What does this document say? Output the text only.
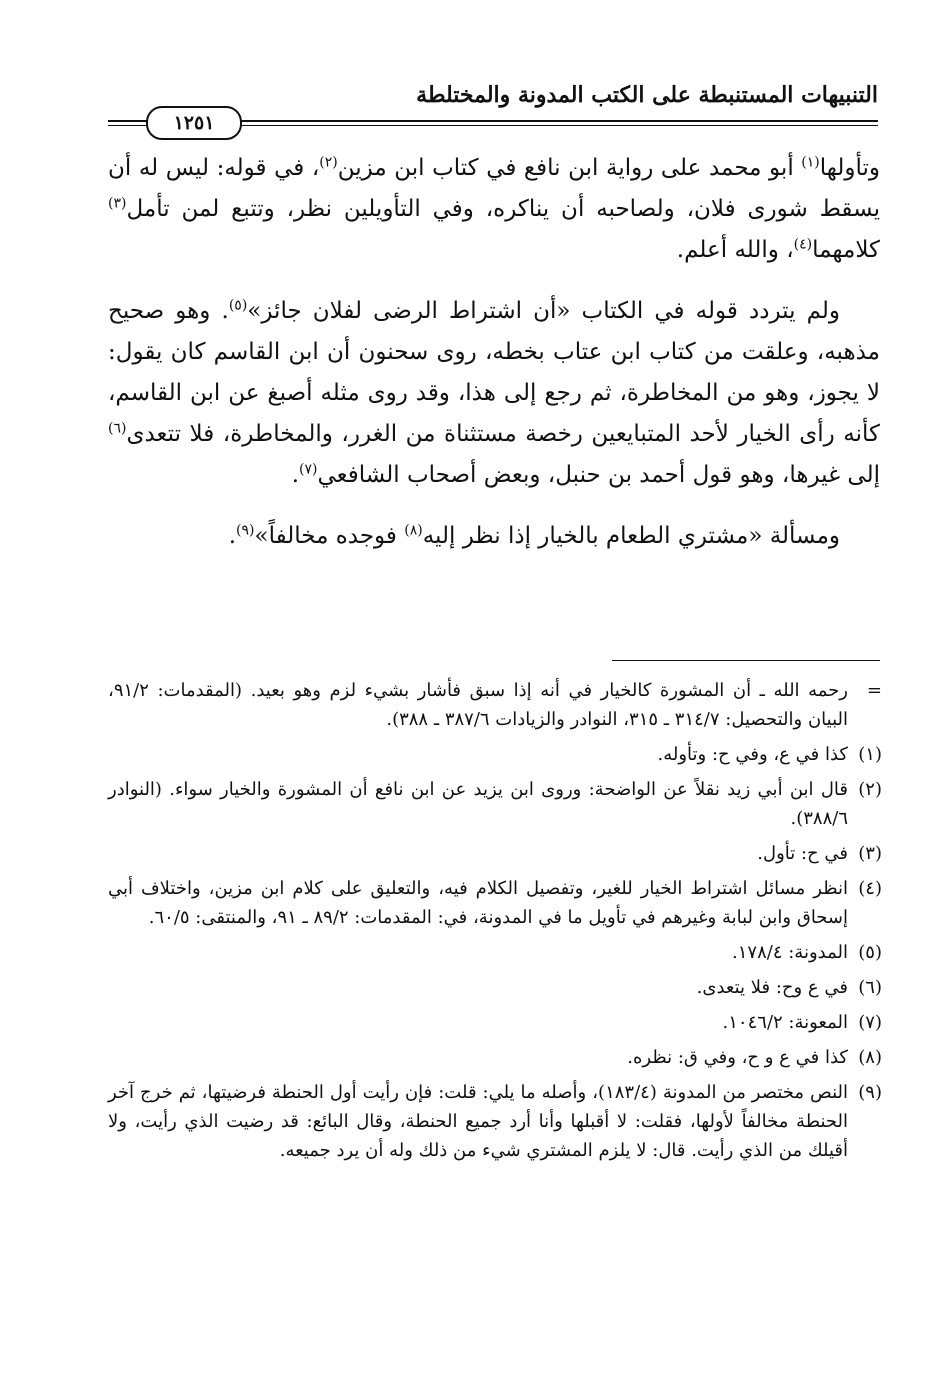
التنبيهات المستنبطة على الكتب المدونة والمختلطة
١٢٥١

وتأولها$^{(١)}$ أبو محمد على رواية ابن نافع في كتاب ابن مزين$^{(٢)}$، في قوله: ليس له أن يسقط شورى فلان، ولصاحبه أن يناكره، وفي التأويلين نظر، وتتبع لمن تأمل$^{(٣)}$ كلامهما$^{(٤)}$، والله أعلم.

ولم يتردد قوله في الكتاب «أن اشتراط الرضى لفلان جائز»$^{(٥)}$. وهو صحيح مذهبه، وعلقت من كتاب ابن عتاب بخطه، روى سحنون أن ابن القاسم كان يقول: لا يجوز، وهو من المخاطرة، ثم رجع إلى هذا، وقد روى مثله أصبغ عن ابن القاسم، كأنه رأى الخيار لأحد المتبايعين رخصة مستثناة من الغرر، والمخاطرة، فلا تتعدى$^{(٦)}$ إلى غيرها، وهو قول أحمد بن حنبل، وبعض أصحاب الشافعي$^{(٧)}$.

ومسألة «مشتري الطعام بالخيار إذا نظر إليه$^{(٨)}$ فوجده مخالفاً»$^{(٩)}$.

=
رحمه الله ـ أن المشورة كالخيار في أنه إذا سبق فأشار بشيء لزم وهو بعيد. (المقدمات: ٩١/٢، البيان والتحصيل: ٣١٤/٧ ـ ٣١٥، النوادر والزيادات ٣٨٧/٦ ـ ٣٨٨).
(١)
كذا في ع، وفي ح: وتأوله.
(٢)
قال ابن أبي زيد نقلاً عن الواضحة: وروى ابن يزيد عن ابن نافع أن المشورة والخيار سواء. (النوادر ٣٨٨/٦).
(٣)
في ح: تأول.
(٤)
انظر مسائل اشتراط الخيار للغير، وتفصيل الكلام فيه، والتعليق على كلام ابن مزين، واختلاف أبي إسحاق وابن لبابة وغيرهم في تأويل ما في المدونة، في: المقدمات: ٨٩/٢ ـ ٩١، والمنتقى: ٦٠/٥.
(٥)
المدونة: ١٧٨/٤.
(٦)
في ع وح: فلا يتعدى.
(٧)
المعونة: ١٠٤٦/٢.
(٨)
كذا في ع و ح، وفي ق: نظره.
(٩)
النص مختصر من المدونة (١٨٣/٤)، وأصله ما يلي: قلت: فإن رأيت أول الحنطة فرضيتها، ثم خرج آخر الحنطة مخالفاً لأولها، فقلت: لا أقبلها وأنا أرد جميع الحنطة، وقال البائع: قد رضيت الذي رأيت، ولا أقيلك من الذي رأيت. قال: لا يلزم المشتري شيء من ذلك وله أن يرد جميعه.
